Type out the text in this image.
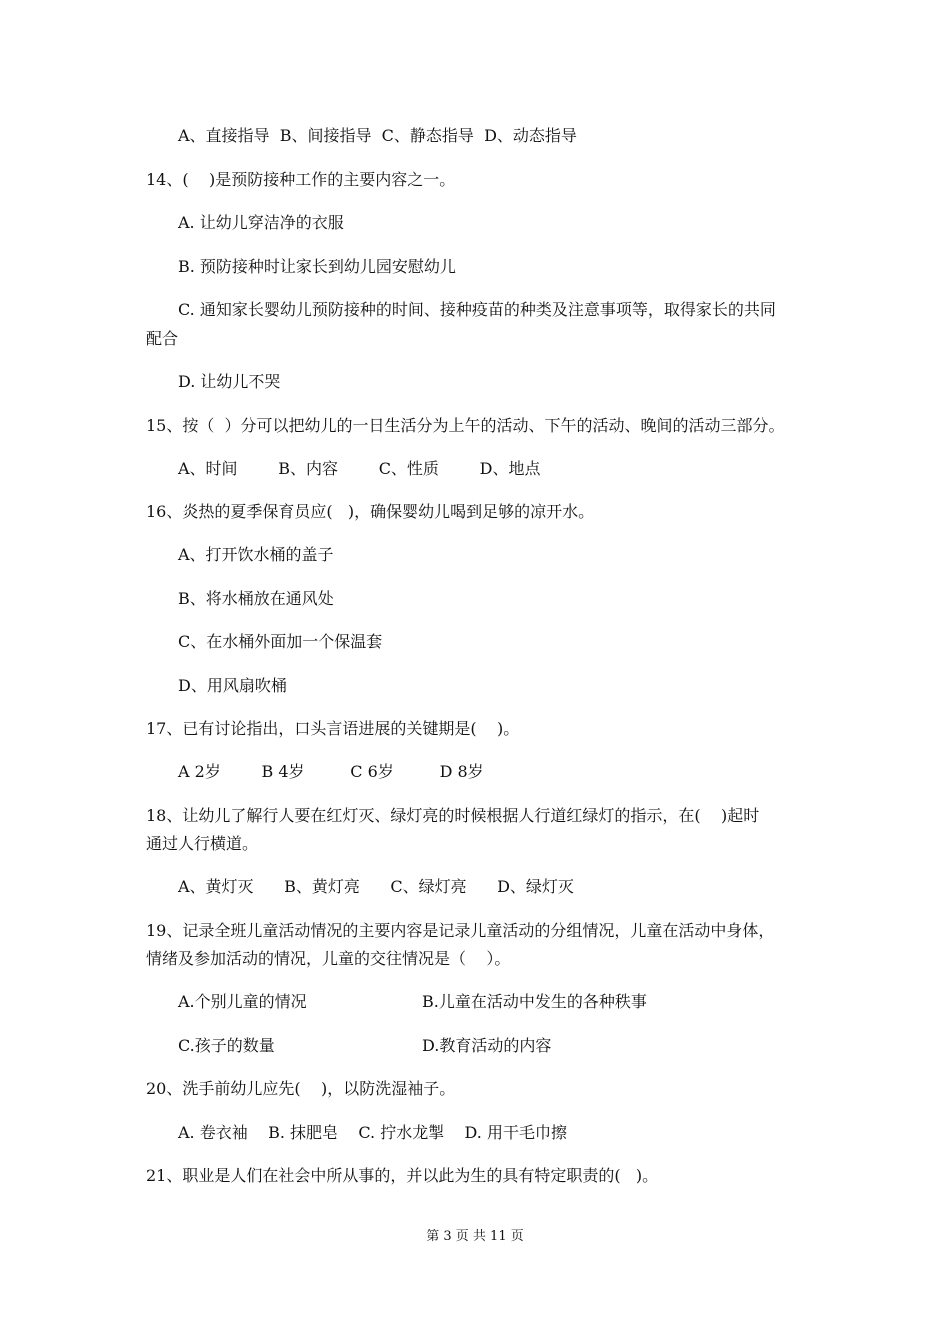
A、直接指导  B、间接指导  C、静态指导  D、动态指导
14、(    )是预防接种工作的主要内容之一。
A. 让幼儿穿洁净的衣服
B. 预防接种时让家长到幼儿园安慰幼儿
C. 通知家长婴幼儿预防接种的时间、接种疫苗的种类及注意事项等，取得家长的共同
配合
D. 让幼儿不哭
15、按（  ）分可以把幼儿的一日生活分为上午的活动、下午的活动、晚间的活动三部分。
A、时间        B、内容        C、性质        D、地点
16、炎热的夏季保育员应(   )，确保婴幼儿喝到足够的凉开水。
A、打开饮水桶的盖子
B、将水桶放在通风处
C、在水桶外面加一个保温套
D、用风扇吹桶
17、已有讨论指出，口头言语进展的关键期是(    )。
A 2岁        B 4岁         C 6岁         D 8岁
18、让幼儿了解行人要在红灯灭、绿灯亮的时候根据人行道红绿灯的指示，在(    )起时
通过人行横道。
A、黄灯灭      B、黄灯亮      C、绿灯亮      D、绿灯灭
19、记录全班儿童活动情况的主要内容是记录儿童活动的分组情况，儿童在活动中身体，
情绪及参加活动的情况，儿童的交往情况是（    ）。
A.个别儿童的情况	B.儿童在活动中发生的各种秩事
C.孩子的数量	D.教育活动的内容
20、洗手前幼儿应先(    )，以防洗湿袖子。
A. 卷衣袖    B. 抹肥皂    C. 拧水龙掣    D. 用干毛巾擦
21、职业是人们在社会中所从事的，并以此为生的具有特定职责的(   )。
第 3 页 共 11 页
